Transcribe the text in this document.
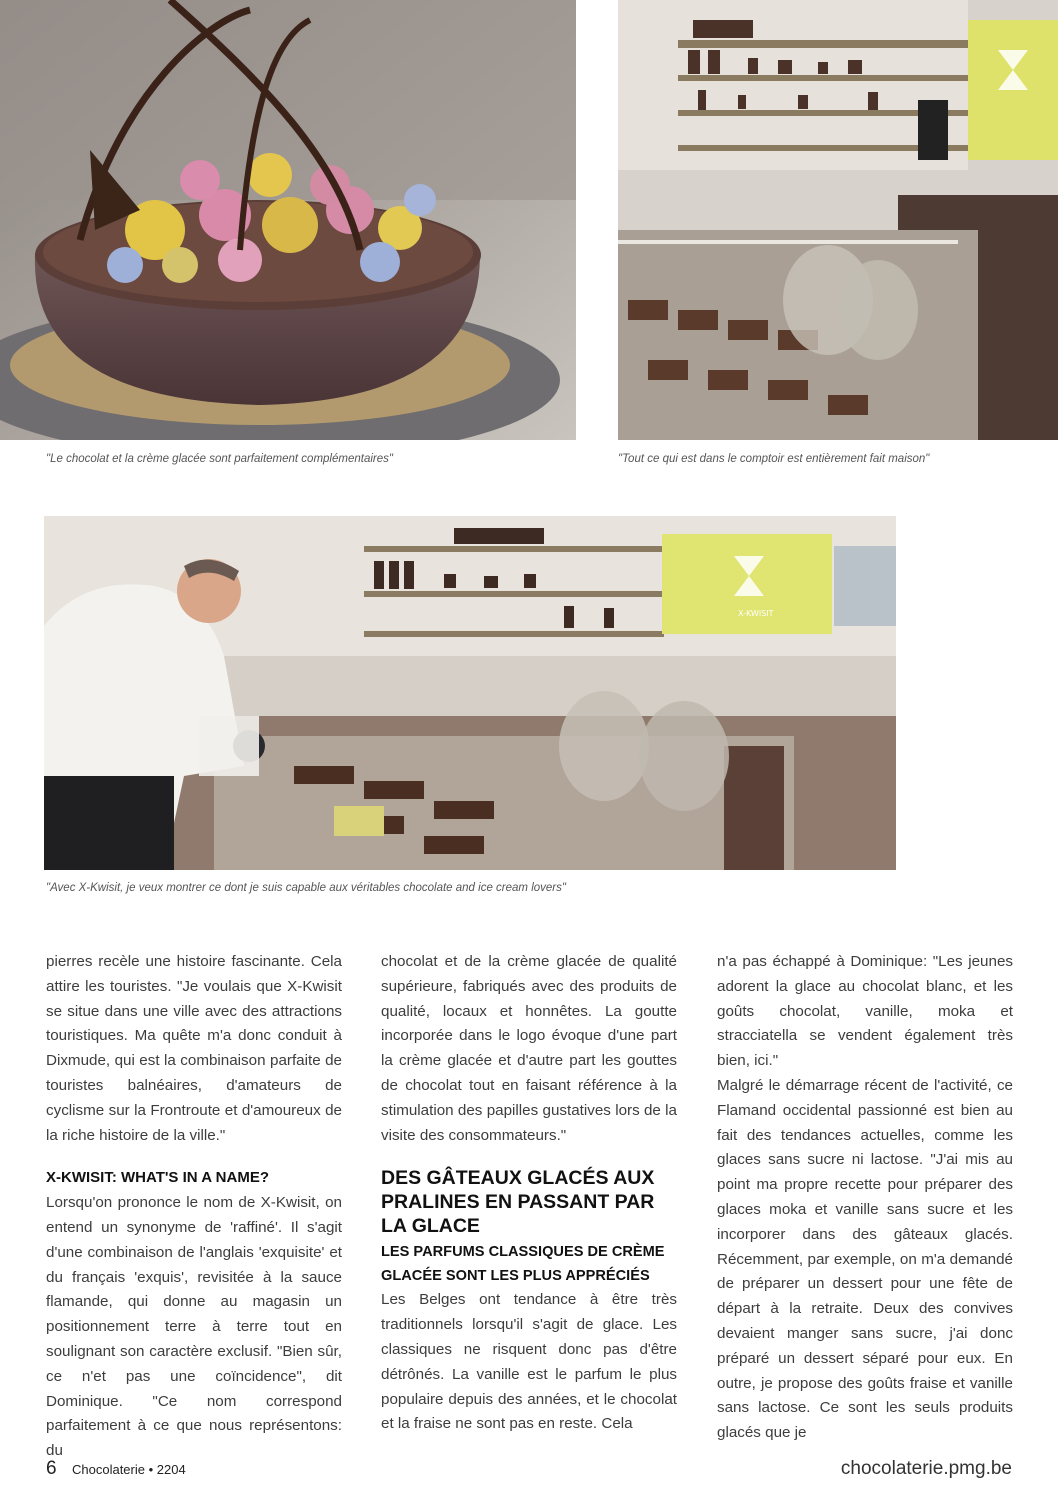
"Le chocolat et la crème glacée sont parfaitement complémentaires"	"Tout ce qui est dans le comptoir est entièrement fait maison"
X-KWISIT
"Avec X-Kwisit, je veux montrer ce dont je suis capable aux véritables chocolate and ice cream lovers"

pierres recèle une histoire fascinante. Cela attire les touristes. "Je voulais que X-Kwisit se situe dans une ville avec des attractions touristiques. Ma quête m'a donc conduit à Dixmude, qui est la combinaison parfaite de touristes balnéaires, d'amateurs de cyclisme sur la Frontroute et d'amoureux de la riche histoire de la ville."

X-KWISIT: WHAT'S IN A NAME?

Lorsqu'on prononce le nom de X-Kwisit, on entend un synonyme de 'raffiné'. Il s'agit d'une combinaison de l'anglais 'exquisite' et du français 'exquis', revisitée à la sauce flamande, qui donne au magasin un positionnement terre à terre tout en soulignant son caractère exclusif. "Bien sûr, ce n'et pas une coïncidence", dit Dominique. "Ce nom correspond parfaitement à ce que nous représentons: du

chocolat et de la crème glacée de qualité supérieure, fabriqués avec des produits de qualité, locaux et honnêtes. La goutte incorporée dans le logo évoque d'une part la crème glacée et d'autre part les gouttes de chocolat tout en faisant référence à la stimulation des papilles gustatives lors de la visite des consommateurs."

DES GÂTEAUX GLACÉS AUX PRALINES EN PASSANT PAR LA GLACE
LES PARFUMS CLASSIQUES DE CRÈME GLACÉE SONT LES PLUS APPRÉCIÉS

Les Belges ont tendance à être très traditionnels lorsqu'il s'agit de glace. Les classiques ne risquent donc pas d'être détrônés. La vanille est le parfum le plus populaire depuis des années, et le chocolat et la fraise ne sont pas en reste. Cela

n'a pas échappé à Dominique: "Les jeunes adorent la glace au chocolat blanc, et les goûts chocolat, vanille, moka et stracciatella se vendent également très bien, ici."

Malgré le démarrage récent de l'activité, ce Flamand occidental passionné est bien au fait des tendances actuelles, comme les glaces sans sucre ni lactose. "J'ai mis au point ma propre recette pour préparer des glaces moka et vanille sans sucre et les incorporer dans des gâteaux glacés. Récemment, par exemple, on m'a demandé de préparer un dessert pour une fête de départ à la retraite. Deux des convives devaient manger sans sucre, j'ai donc préparé un dessert séparé pour eux. En outre, je propose des goûts fraise et vanille sans lactose. Ce sont les seuls produits glacés que je

6 Chocolaterie • 2204	chocolaterie.pmg.be
